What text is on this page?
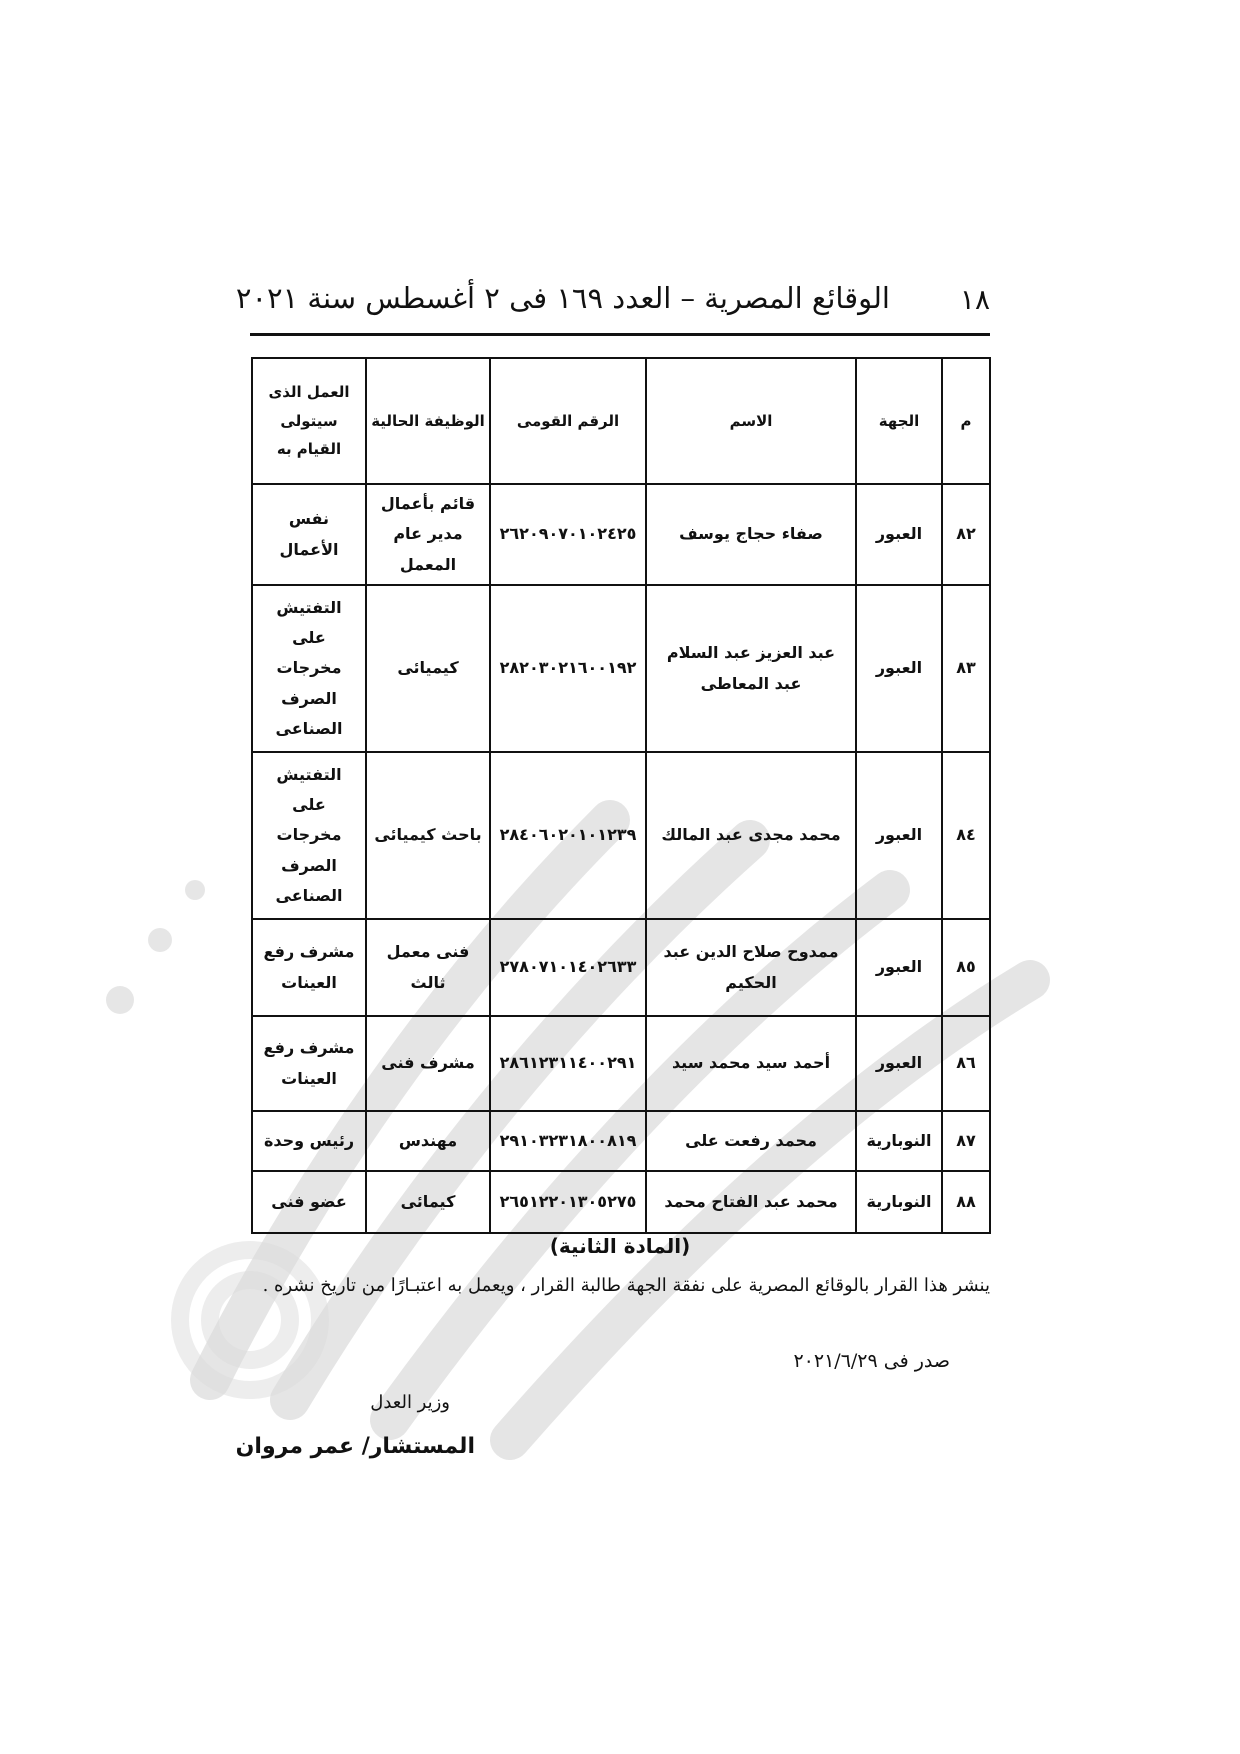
١٨
الوقائع المصرية – العدد ١٦٩ فى ٢ أغسطس سنة ٢٠٢١
م	الجهة	الاسم	الرقم القومى	الوظيفة الحالية	العمل الذى سيتولى القيام به
٨٢	العبور	صفاء حجاج يوسف	٢٦٢٠٩٠٧٠١٠٢٤٢٥	قائم بأعمال مدير عام المعمل	نفس الأعمال
٨٣	العبور	عبد العزيز عبد السلام عبد المعاطى	٢٨٢٠٣٠٢١٦٠٠١٩٢	كيميائى	التفتيش على مخرجات الصرف الصناعى
٨٤	العبور	محمد مجدى عبد المالك	٢٨٤٠٦٠٢٠١٠١٢٣٩	باحث كيميائى	التفتيش على مخرجات الصرف الصناعى
٨٥	العبور	ممدوح صلاح الدين عبد الحكيم	٢٧٨٠٧١٠١٤٠٢٦٣٣	فنى معمل ثالث	مشرف رفع العينات
٨٦	العبور	أحمد سيد محمد سيد	٢٨٦١٢٣١١٤٠٠٢٩١	مشرف فنى	مشرف رفع العينات
٨٧	النوبارية	محمد رفعت على	٢٩١٠٣٢٣١٨٠٠٨١٩	مهندس	رئيس وحدة
٨٨	النوبارية	محمد عبد الفتاح محمد	٢٦٥١٢٢٠١٣٠٥٢٧٥	كيمائى	عضو فنى
(المادة الثانية)
ينشر هذا القرار بالوقائع المصرية على نفقة الجهة طالبة القرار ، ويعمل به اعتبـارًا من تاريخ نشره .
صدر فى ٢٠٢١/٦/٢٩
وزير العدل
المستشار/ عمر مروان
